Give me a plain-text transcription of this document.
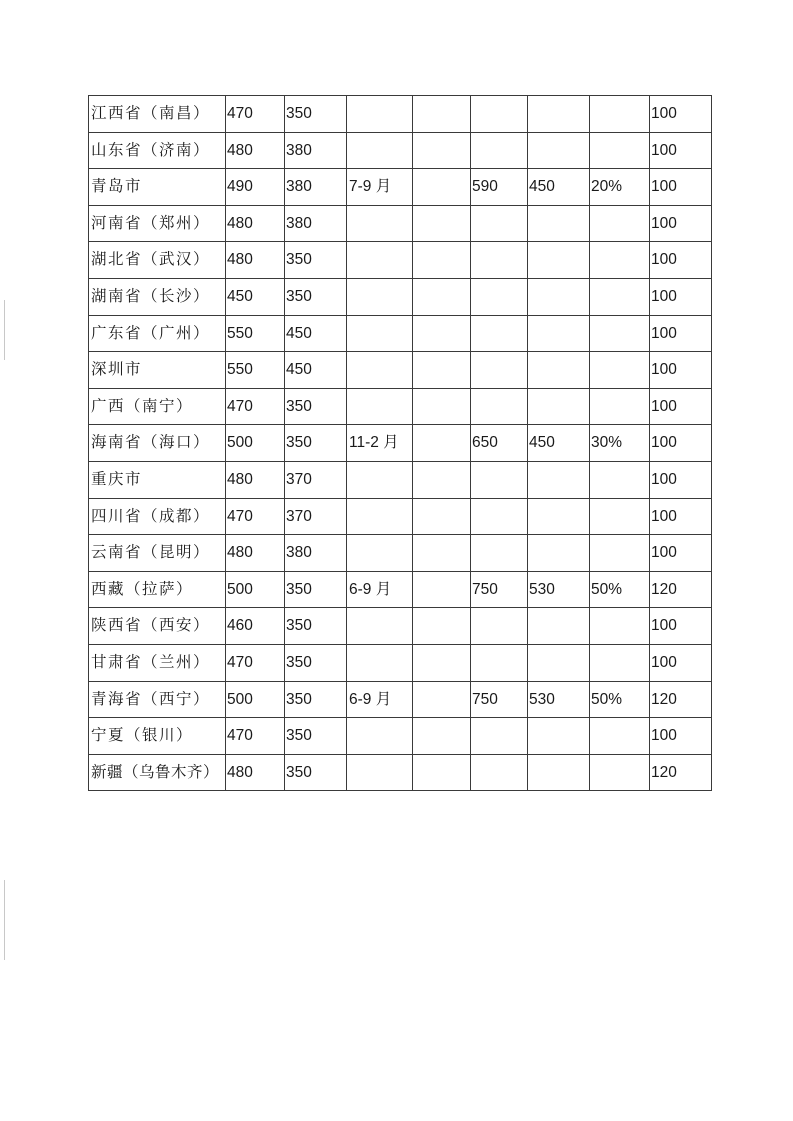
江西省（南昌）	470	350						100
山东省（济南）	480	380						100
青岛市	490	380	7-9 月		590	450	20%	100
河南省（郑州）	480	380						100
湖北省（武汉）	480	350						100
湖南省（长沙）	450	350						100
广东省（广州）	550	450						100
深圳市	550	450						100
广西（南宁）	470	350						100
海南省（海口）	500	350	11-2 月		650	450	30%	100
重庆市	480	370						100
四川省（成都）	470	370						100
云南省（昆明）	480	380						100
西藏（拉萨）	500	350	6-9 月		750	530	50%	120
陕西省（西安）	460	350						100
甘肃省（兰州）	470	350						100
青海省（西宁）	500	350	6-9 月		750	530	50%	120
宁夏（银川）	470	350						100
新疆（乌鲁木齐）	480	350						120
